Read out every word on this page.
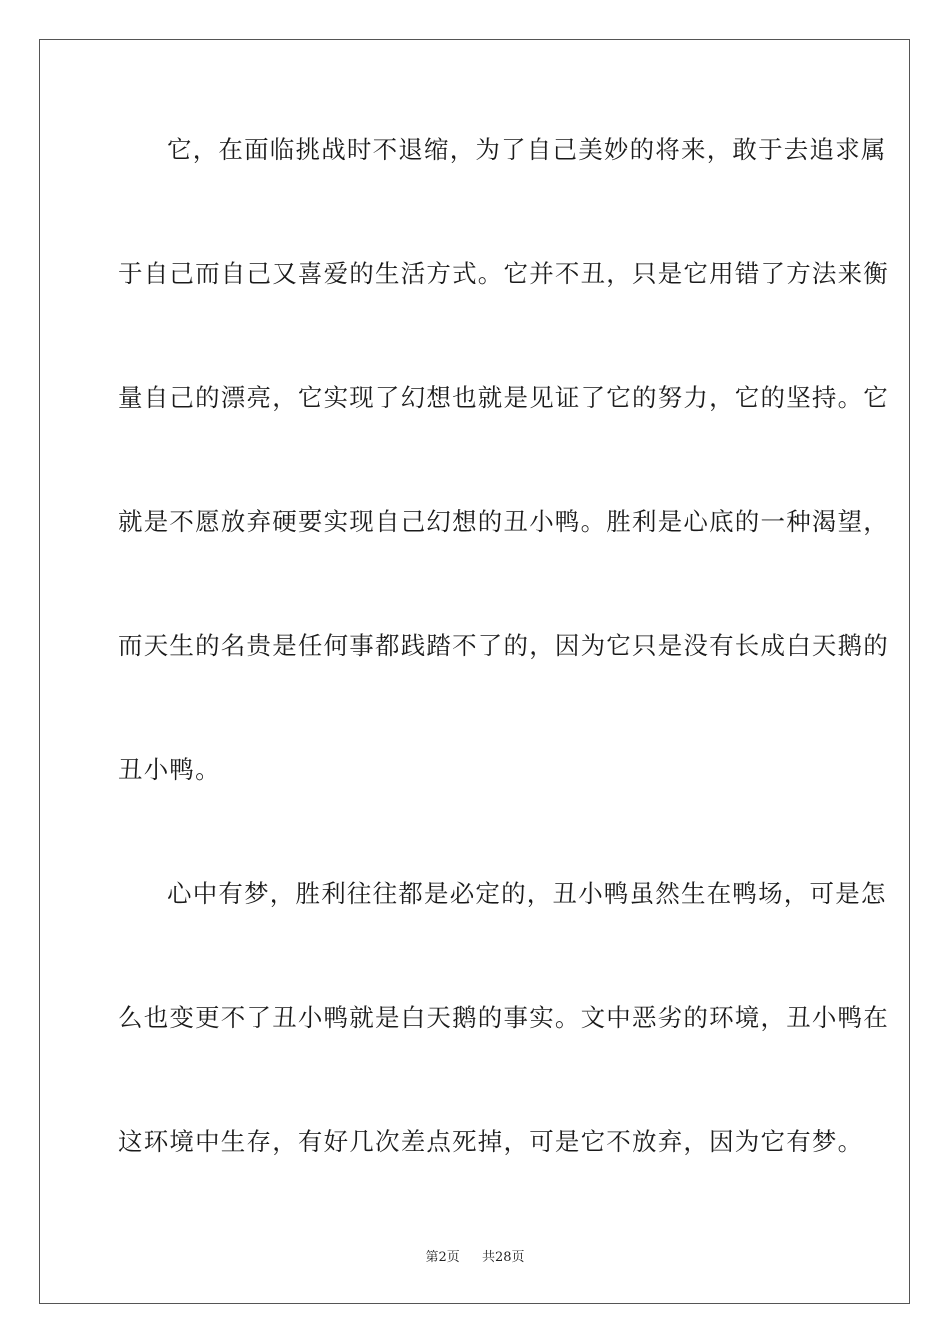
它，在面临挑战时不退缩，为了自己美妙的将来，敢于去追求属
于自己而自己又喜爱的生活方式。它并不丑，只是它用错了方法来衡
量自己的漂亮，它实现了幻想也就是见证了它的努力，它的坚持。它
就是不愿放弃硬要实现自己幻想的丑小鸭。胜利是心底的一种渴望，
而天生的名贵是任何事都践踏不了的，因为它只是没有长成白天鹅的
丑小鸭。
心中有梦，胜利往往都是必定的，丑小鸭虽然生在鸭场，可是怎
么也变更不了丑小鸭就是白天鹅的事实。文中恶劣的环境，丑小鸭在
这环境中生存，有好几次差点死掉，可是它不放弃，因为它有梦。
第2页 共28页
